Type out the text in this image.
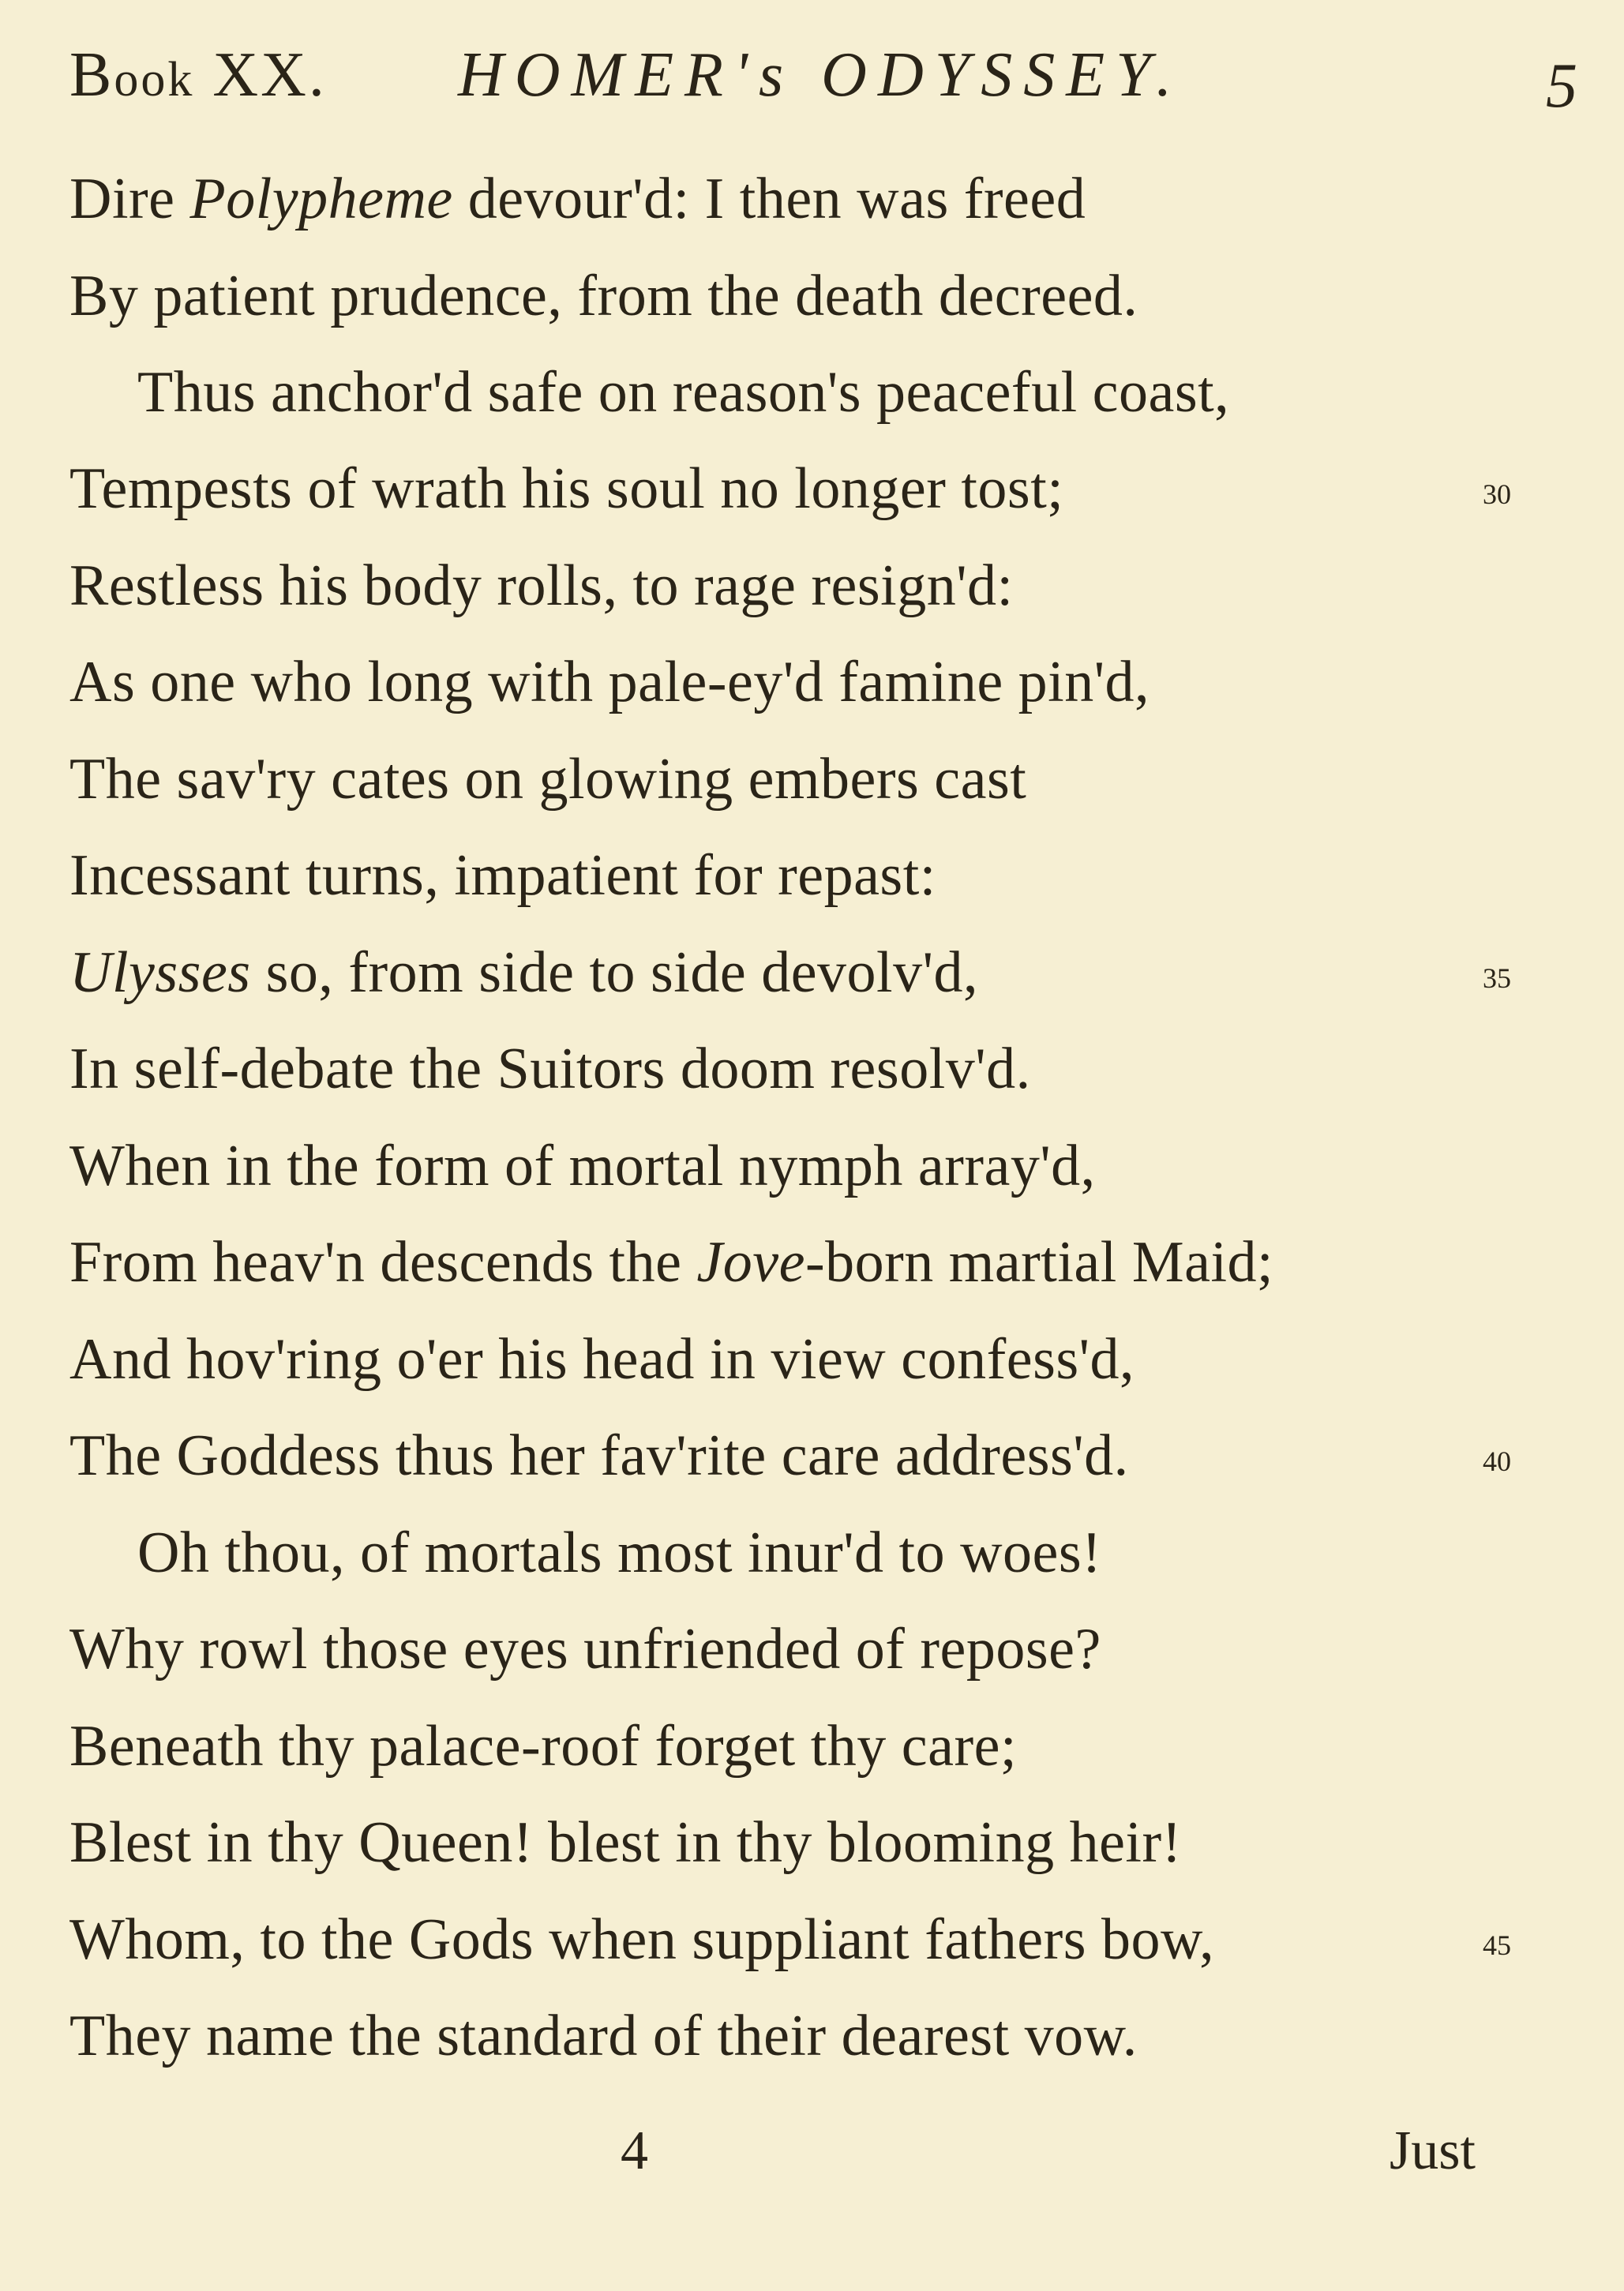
Book XX. HOMER's ODYSSEY.	5
Dire Polypheme devour'd: I then was freed
By patient prudence, from the death decreed.
Thus anchor'd safe on reason's peaceful coast,
Tempests of wrath his soul no longer tost;
Restless his body rolls, to rage resign'd:
As one who long with pale-ey'd famine pin'd,
The sav'ry cates on glowing embers cast
Incessant turns, impatient for repast:
Ulysses so, from side to side devolv'd,
In self-debate the Suitors doom resolv'd.
When in the form of mortal nymph array'd,
From heav'n descends the Jove-born martial Maid;
And hov'ring o'er his head in view confess'd,
The Goddess thus her fav'rite care address'd.
Oh thou, of mortals most inur'd to woes!
Why rowl those eyes unfriended of repose?
Beneath thy palace-roof forget thy care;
Blest in thy Queen! blest in thy blooming heir!
Whom, to the Gods when suppliant fathers bow,
They name the standard of their dearest vow.
30
35
40
45
4	Just
